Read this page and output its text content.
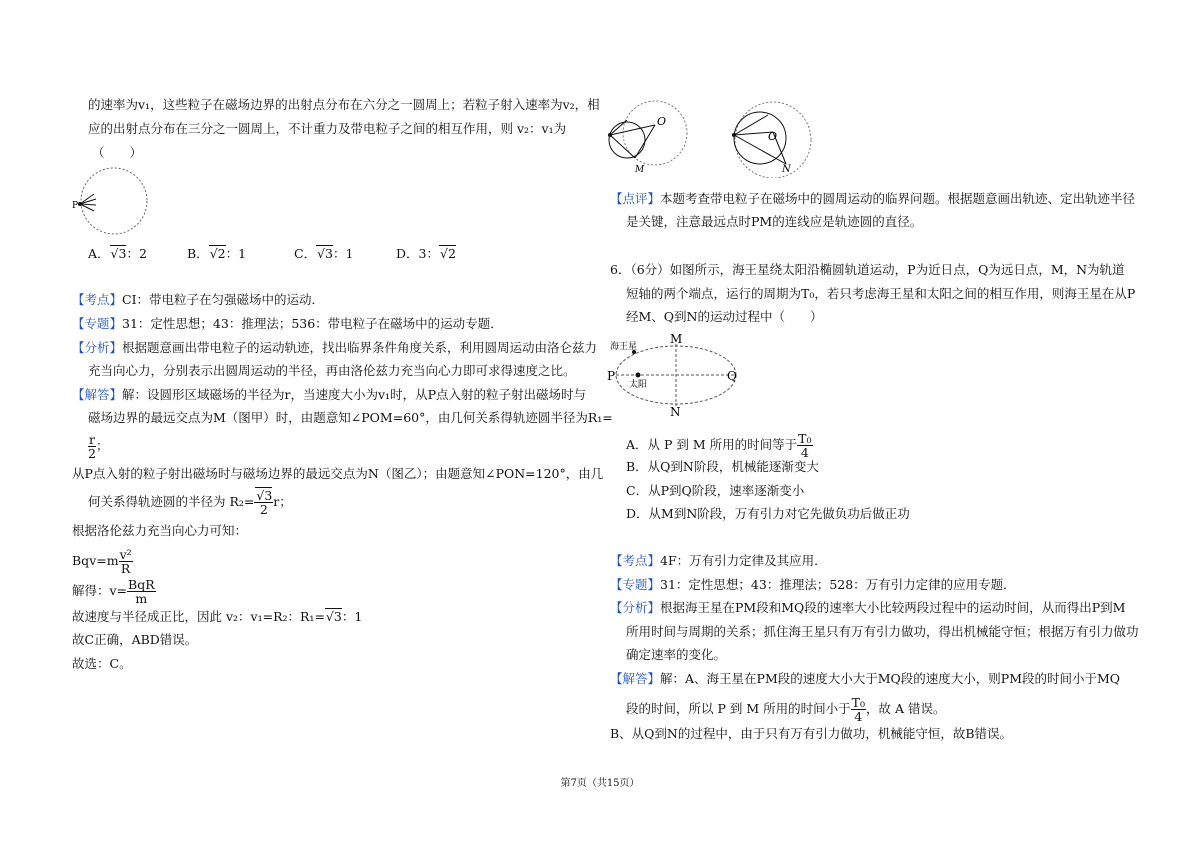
的速率为v₁，这些粒子在磁场边界的出射点分布在六分之一圆周上；若粒子射入速率为v₂，相
应的出射点分布在三分之一圆周上，不计重力及带电粒子之间的相互作用，则 v₂：v₁为
（　　）
P
A．√3：2	B．√2：1	C．√3：1	D．3：√2
【考点】CI：带电粒子在匀强磁场中的运动．
【专题】31：定性思想；43：推理法；536：带电粒子在磁场中的运动专题．
【分析】根据题意画出带电粒子的运动轨迹，找出临界条件角度关系，利用圆周运动由洛仑兹力
充当向心力，分别表示出圆周运动的半径，再由洛伦兹力充当向心力即可求得速度之比。
【解答】解：设圆形区域磁场的半径为r，当速度大小为v₁时，从P点入射的粒子射出磁场时与
磁场边界的最远交点为M（图甲）时，由题意知∠POM=60°，由几何关系得轨迹圆半径为R₁=
$\frac{r}{2}$ ；
从P点入射的粒子射出磁场时与磁场边界的最远交点为N（图乙）；由题意知∠PON=120°，由几
何关系得轨迹圆的半径为 $R_2= \frac{√3}{2}$ r；
根据洛伦兹力充当向心力可知：
$Bqv=m \frac{\text{v²}}{R}$
解得：$v= \frac{\text{BqR}}{m}$
故速度与半径成正比，因此 v₂：v₁=R₂：R₁=√3：1
故C正确，ABD错误。
故选：C。
O
M
O
N
【点评】本题考查带电粒子在磁场中的圆周运动的临界问题。根据题意画出轨迹、定出轨迹半径
是关键，注意最远点时PM的连线应是轨迹圆的直径。
6．（6分）如图所示，海王星绕太阳沿椭圆轨道运动，P为近日点，Q为远日点，M，N为轨道
短轴的两个端点，运行的周期为T₀，若只考虑海王星和太阳之间的相互作用，则海王星在从P
经M、Q到N的运动过程中（　　）
M
N
P	Q
海王星
太阳
A．从 P 到 M 所用的时间等于 $\frac{\text{T₀}}{4}$
B．从Q到N阶段，机械能逐渐变大
C．从P到Q阶段，速率逐渐变小
D．从M到N阶段，万有引力对它先做负功后做正功
【考点】4F：万有引力定律及其应用．
【专题】31：定性思想；43：推理法；528：万有引力定律的应用专题．
【分析】根据海王星在PM段和MQ段的速率大小比较两段过程中的运动时间，从而得出P到M
所用时间与周期的关系；抓住海王星只有万有引力做功，得出机械能守恒；根据万有引力做功
确定速率的变化。
【解答】解：A、海王星在PM段的速度大小大于MQ段的速度大小，则PM段的时间小于MQ
段的时间，所以 P 到 M 所用的时间小于 $\frac{\text{T₀}}{4}$ ，故 A 错误。
B、从Q到N的过程中，由于只有万有引力做功，机械能守恒，故B错误。
第7页（共15页）
